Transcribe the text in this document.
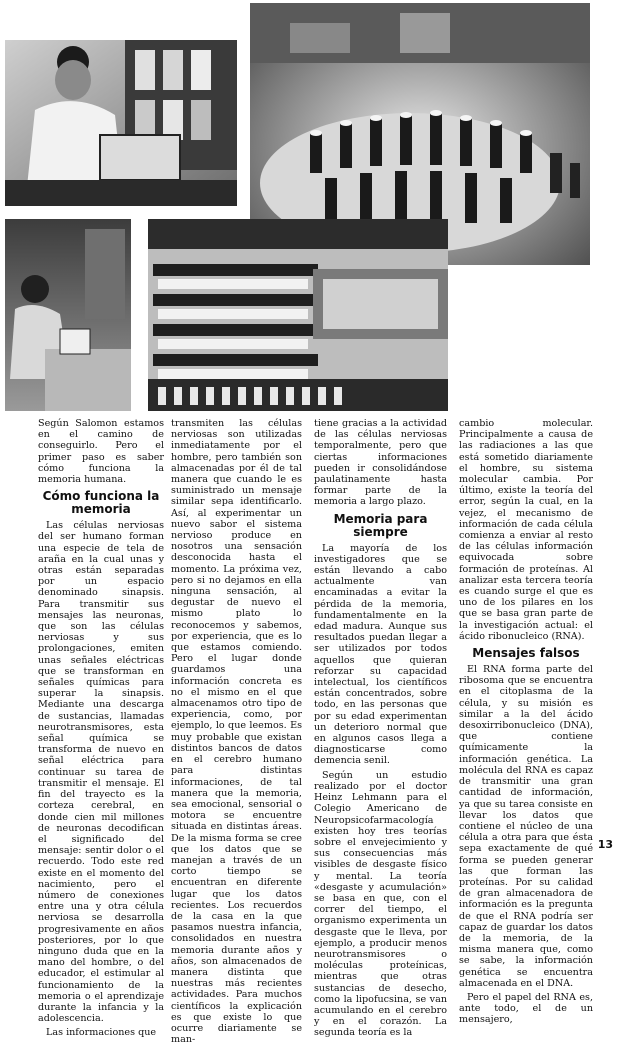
Según Salomon estamos en el camino de conseguirlo. Pero el primer paso es saber cómo funciona la memoria humana.

Cómo funciona la memoria

Las células nerviosas del ser humano forman una especie de tela de araña en la cual unas y otras están separadas por un espacio denominado sinapsis. Para transmitir sus mensajes las neuronas, que son las células nerviosas y sus prolongaciones, emiten unas señales eléctricas que se transforman en señales químicas para superar la sinapsis. Mediante una descarga de sustancias, llamadas neurotransmisores, esta señal química se transforma de nuevo en señal eléctrica para continuar su tarea de transmitir el mensaje. El fin del trayecto es la corteza cerebral, en donde cien mil millones de neuronas decodifican el significado del mensaje: sentir dolor o el recuerdo. Todo este red existe en el momento del nacimiento, pero el número de conexiones entre una y otra célula nerviosa se desarrolla progresivamente en años posteriores, por lo que ninguno duda que en la mano del hombre, o del educador, el estimular al funcionamiento de la memoria o el aprendizaje durante la infancia y la adolescencia.

Las informaciones que

transmiten las células nerviosas son utilizadas inmediatamente por el hombre, pero también son almacenadas por él de tal manera que cuando le es suministrado un mensaje similar sepa identificarlo. Así, al experimentar un nuevo sabor el sistema nervioso produce en nosotros una sensación desconocida hasta el momento. La próxima vez, pero si no dejamos en ella ninguna sensación, al degustar de nuevo el mismo plato lo reconocemos y sabemos, por experiencia, que es lo que estamos comiendo. Pero el lugar donde guardamos una información concreta es no el mismo en el que almacenamos otro tipo de experiencia, como, por ejemplo, lo que leemos. Es muy probable que existan distintos bancos de datos en el cerebro humano para distintas informaciones, de tal manera que la memoria, sea emocional, sensorial o motora se encuentre situada en distintas áreas. De la misma forma se cree que los datos que se manejan a través de un corto tiempo se encuentran en diferente lugar que los datos recientes. Los recuerdos de la casa en la que pasamos nuestra infancia, consolidados en nuestra memoria durante años y años, son almacenados de manera distinta que nuestras más recientes actividades. Para muchos científicos la explicación es que existe lo que ocurre diariamente se man-

tiene gracias a la actividad de las células nerviosas temporalmente, pero que ciertas informaciones pueden ir consolidándose paulatinamente hasta formar parte de la memoria a largo plazo.

Memoria para siempre

La mayoría de los investigadores que se están llevando a cabo actualmente van encaminadas a evitar la pérdida de la memoria, fundamentalmente en la edad madura. Aunque sus resultados puedan llegar a ser utilizados por todos aquellos que quieran reforzar su capacidad intelectual, los científicos están concentrados, sobre todo, en las personas que por su edad experimentan un deterioro normal que en algunos casos llega a diagnosticarse como demencia senil.

Según un estudio realizado por el doctor Heinz Lehmann para el Colegio Americano de Neuropsicofarmacología existen hoy tres teorías sobre el envejecimiento y sus consecuencias más visibles de desgaste físico y mental. La teoría «desgaste y acumulación» se basa en que, con el correr del tiempo, el organismo experimenta un desgaste que le lleva, por ejemplo, a producir menos neurotransmisores o moléculas proteínicas, mientras que otras sustancias de desecho, como la lipofucsina, se van acumulando en el cerebro y en el corazón. La segunda teoría es la

cambio molecular. Principalmente a causa de las radiaciones a las que está sometido diariamente el hombre, su sistema molecular cambia. Por último, existe la teoría del error, según la cual, en la vejez, el mecanismo de información de cada célula comienza a enviar al resto de las células información equivocada sobre formación de proteínas. Al analizar esta tercera teoría es cuando surge el que es uno de los pilares en los que se basa gran parte de la investigación actual: el ácido ribonucleico (RNA).

Mensajes falsos

El RNA forma parte del ribosoma que se encuentra en el citoplasma de la célula, y su misión es similar a la del ácido desoxirribonucleico (DNA), que contiene químicamente la información genética. La molécula del RNA es capaz de transmitir una gran cantidad de información, ya que su tarea consiste en llevar los datos que contiene el núcleo de una célula a otra para que ésta sepa exactamente de qué forma se pueden generar las que forman las proteínas. Por su calidad de gran almacenadora de información es la pregunta de que el RNA podría ser capaz de guardar los datos de la memoria, de la misma manera que, como se sabe, la información genética se encuentra almacenada en el DNA.

Pero el papel del RNA es, ante todo, el de un mensajero,

13
